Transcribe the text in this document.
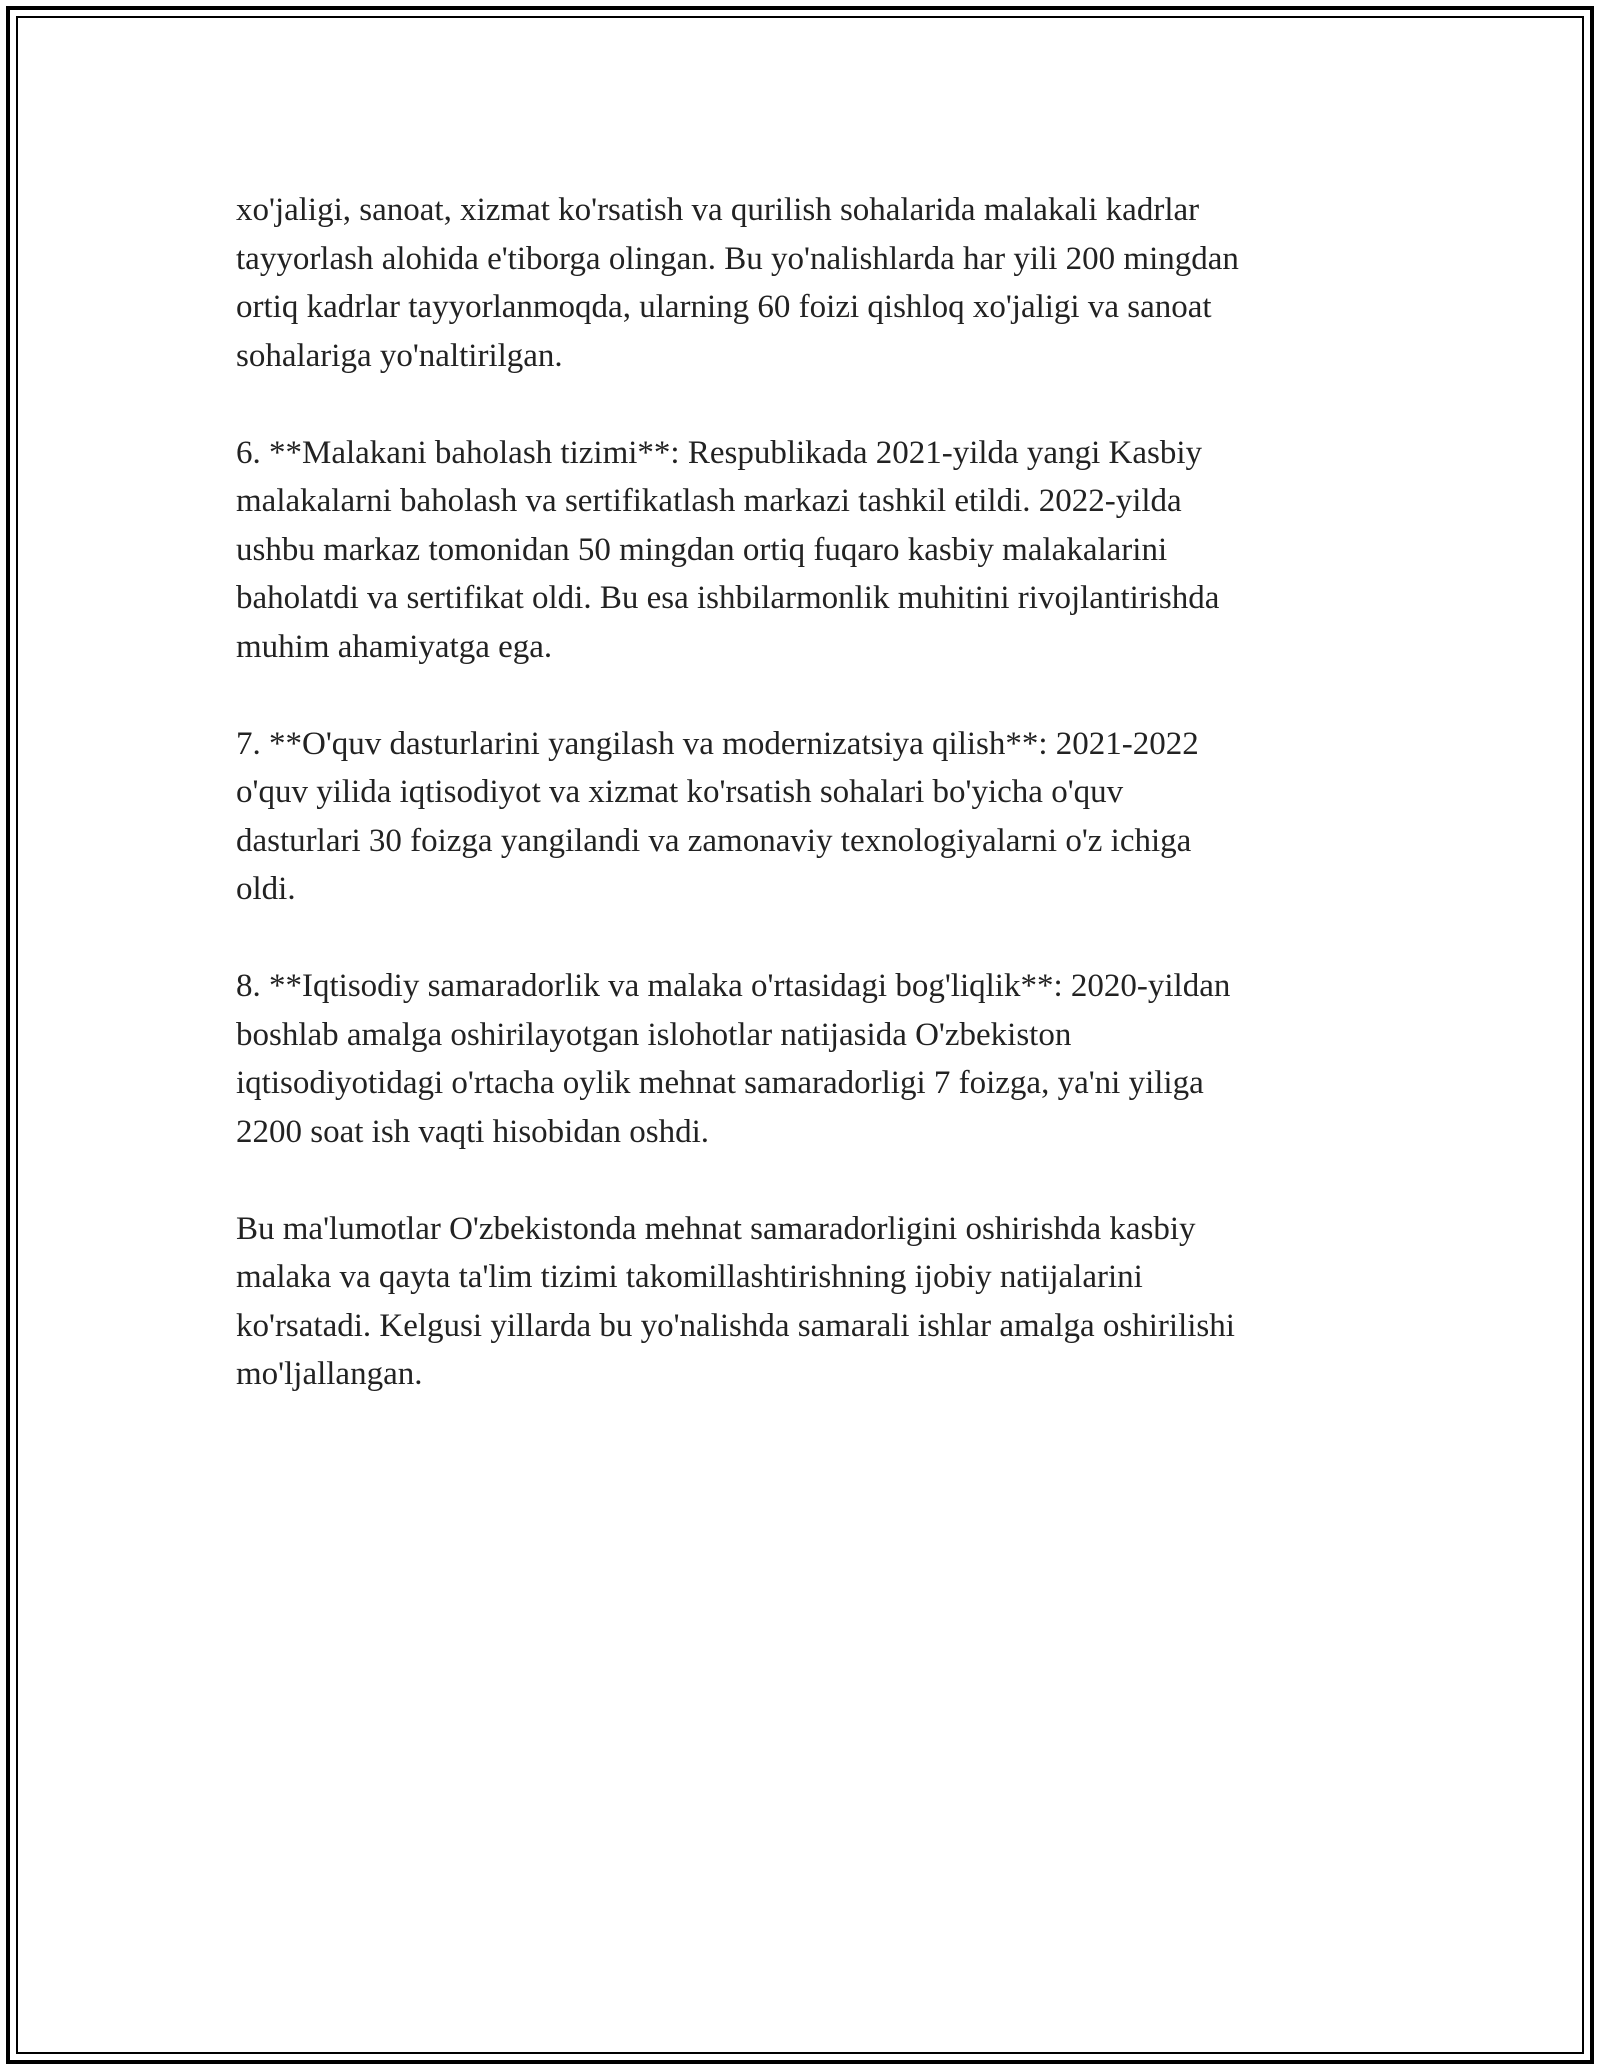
xo'jaligi, sanoat, xizmat ko'rsatish va qurilish sohalarida malakali kadrlar
tayyorlash alohida e'tiborga olingan. Bu yo'nalishlarda har yili 200 mingdan
ortiq kadrlar tayyorlanmoqda, ularning 60 foizi qishloq xo'jaligi va sanoat
sohalariga yo'naltirilgan.

6. **Malakani baholash tizimi**: Respublikada 2021-yilda yangi Kasbiy
malakalarni baholash va sertifikatlash markazi tashkil etildi. 2022-yilda
ushbu markaz tomonidan 50 mingdan ortiq fuqaro kasbiy malakalarini
baholatdi va sertifikat oldi. Bu esa ishbilarmonlik muhitini rivojlantirishda
muhim ahamiyatga ega.

7. **O'quv dasturlarini yangilash va modernizatsiya qilish**: 2021-2022
o'quv yilida iqtisodiyot va xizmat ko'rsatish sohalari bo'yicha o'quv
dasturlari 30 foizga yangilandi va zamonaviy texnologiyalarni o'z ichiga
oldi.

8. **Iqtisodiy samaradorlik va malaka o'rtasidagi bog'liqlik**: 2020-yildan
boshlab amalga oshirilayotgan islohotlar natijasida O'zbekiston
iqtisodiyotidagi o'rtacha oylik mehnat samaradorligi 7 foizga, ya'ni yiliga
2200 soat ish vaqti hisobidan oshdi.

Bu ma'lumotlar O'zbekistonda mehnat samaradorligini oshirishda kasbiy
malaka va qayta ta'lim tizimi takomillashtirishning ijobiy natijalarini
ko'rsatadi. Kelgusi yillarda bu yo'nalishda samarali ishlar amalga oshirilishi
mo'ljallangan.
